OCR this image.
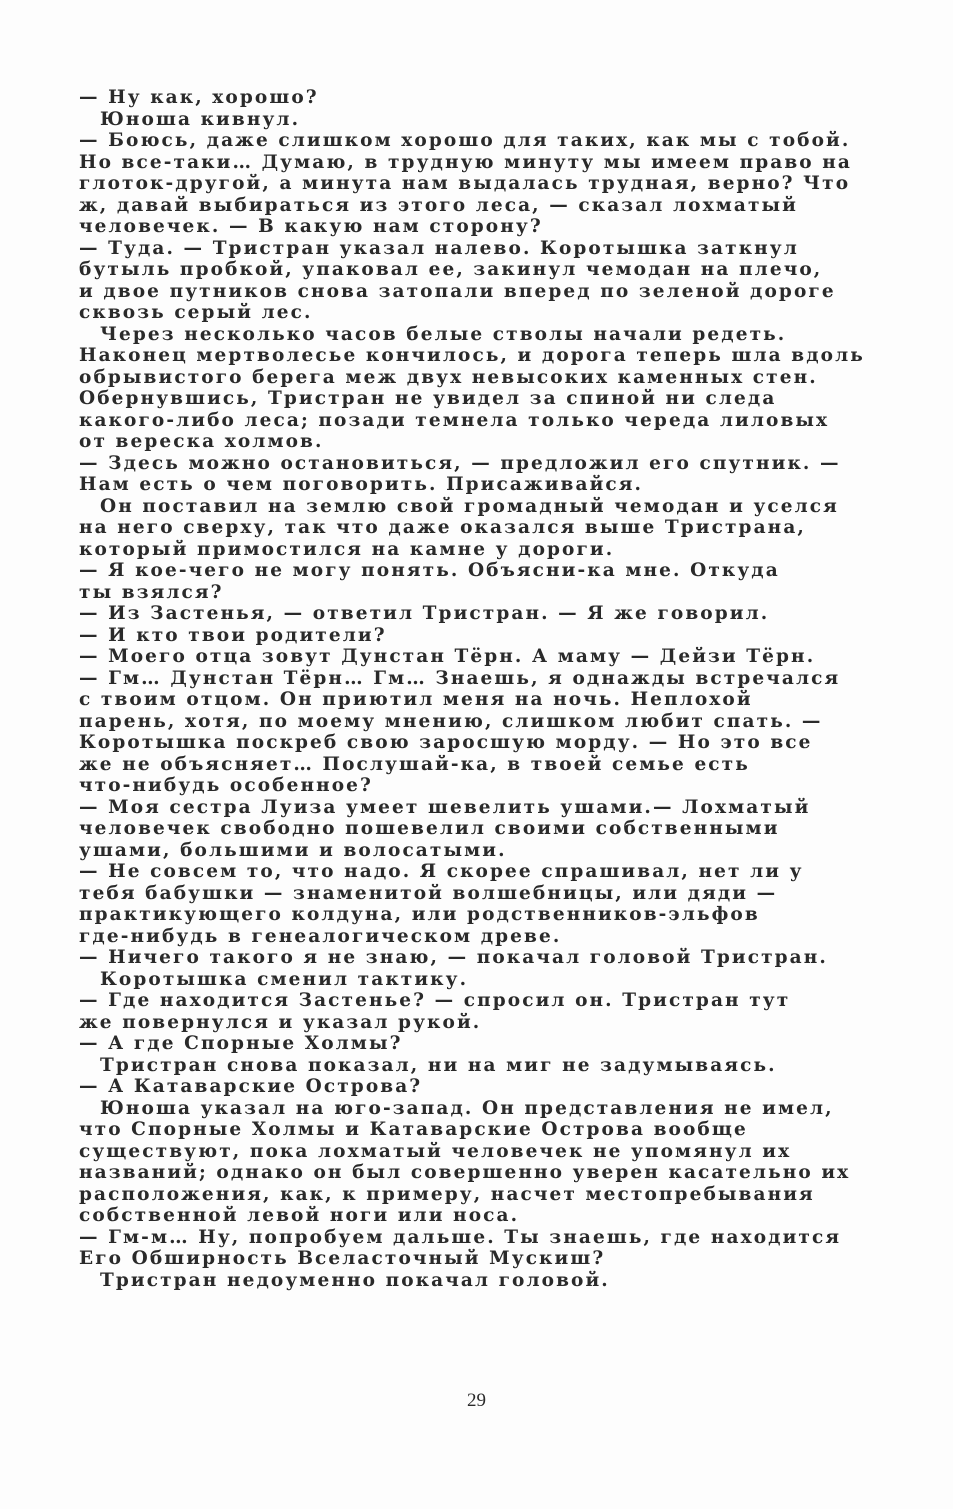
— Ну как, хорошо?
Юноша кивнул.
— Боюсь, даже слишком хорошо для таких, как мы с тобой.
Но все-таки… Думаю, в трудную минуту мы имеем право на
глоток-другой, а минута нам выдалась трудная, верно? Что
ж, давай выбираться из этого леса, — сказал лохматый
человечек. — В какую нам сторону?
— Туда. — Тристран указал налево. Коротышка заткнул
бутыль пробкой, упаковал ее, закинул чемодан на плечо,
и двое путников снова затопали вперед по зеленой дороге
сквозь серый лес.
Через несколько часов белые стволы начали редеть.
Наконец мертволесье кончилось, и дорога теперь шла вдоль
обрывистого берега меж двух невысоких каменных стен.
Обернувшись, Тристран не увидел за спиной ни следа
какого-либо леса; позади темнела только череда лиловых
от вереска холмов.
— Здесь можно остановиться, — предложил его спутник. —
Нам есть о чем поговорить. Присаживайся.
Он поставил на землю свой громадный чемодан и уселся
на него сверху, так что даже оказался выше Тристрана,
который примостился на камне у дороги.
— Я кое-чего не могу понять. Объясни-ка мне. Откуда
ты взялся?
— Из Застенья, — ответил Тристран. — Я же говорил.
— И кто твои родители?
— Моего отца зовут Дунстан Тёрн. А маму — Дейзи Тёрн.
— Гм… Дунстан Тёрн… Гм… Знаешь, я однажды встречался
с твоим отцом. Он приютил меня на ночь. Неплохой
парень, хотя, по моему мнению, слишком любит спать. —
Коротышка поскреб свою заросшую морду. — Но это все
же не объясняет… Послушай-ка, в твоей семье есть
что-нибудь особенное?
— Моя сестра Луиза умеет шевелить ушами.— Лохматый
человечек свободно пошевелил своими собственными
ушами, большими и волосатыми.
— Не совсем то, что надо. Я скорее спрашивал, нет ли у
тебя бабушки — знаменитой волшебницы, или дяди —
практикующего колдуна, или родственников-эльфов
где-нибудь в генеалогическом древе.
— Ничего такого я не знаю, — покачал головой Тристран.
Коротышка сменил тактику.
— Где находится Застенье? — спросил он. Тристран тут
же повернулся и указал рукой.
— А где Спорные Холмы?
Тристран снова показал, ни на миг не задумываясь.
— А Катаварские Острова?
Юноша указал на юго-запад. Он представления не имел,
что Спорные Холмы и Катаварские Острова вообще
существуют, пока лохматый человечек не упомянул их
названий; однако он был совершенно уверен касательно их
расположения, как, к примеру, насчет местопребывания
собственной левой ноги или носа.
— Гм-м… Ну, попробуем дальше. Ты знаешь, где находится
Его Обширность Вселасточный Мускиш?
Тристран недоуменно покачал головой.
29
